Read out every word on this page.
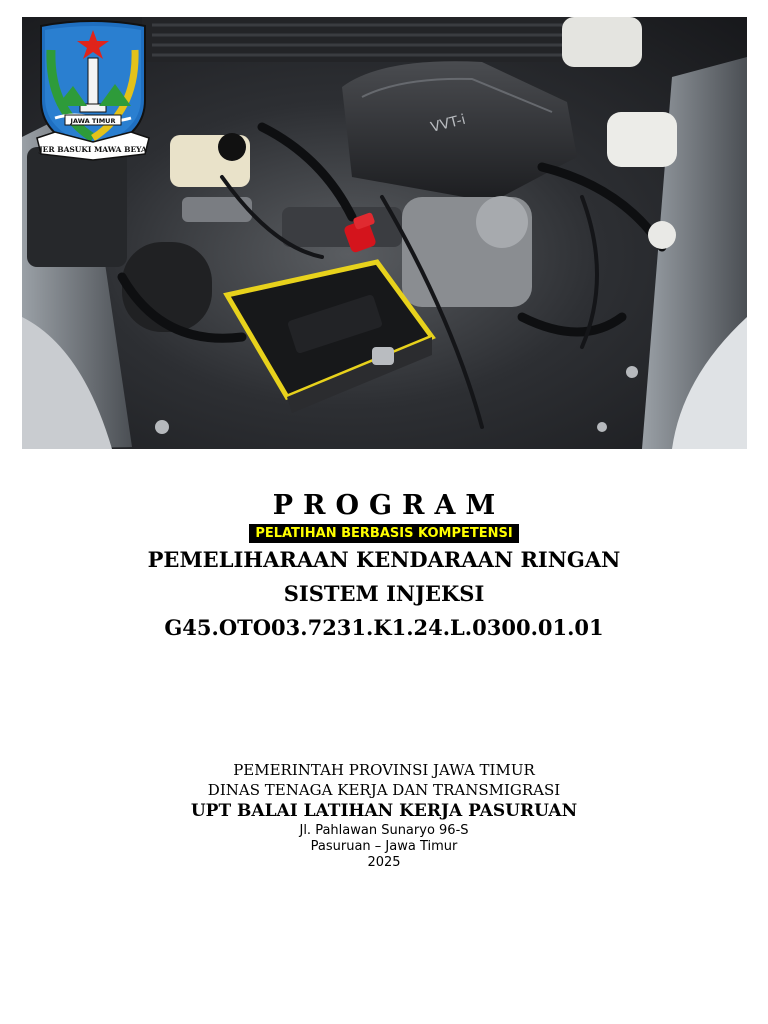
VVT-i
JAWA TIMUR
JER BASUKI MAWA BEYA
PROGRAM
PELATIHAN BERBASIS KOMPETENSI
PEMELIHARAAN KENDARAAN RINGAN
SISTEM INJEKSI
G45.OTO03.7231.K1.24.L.0300.01.01
PEMERINTAH PROVINSI JAWA TIMUR
DINAS TENAGA KERJA DAN TRANSMIGRASI
UPT BALAI LATIHAN KERJA PASURUAN
Jl. Pahlawan Sunaryo 96-S
Pasuruan – Jawa Timur
2025
